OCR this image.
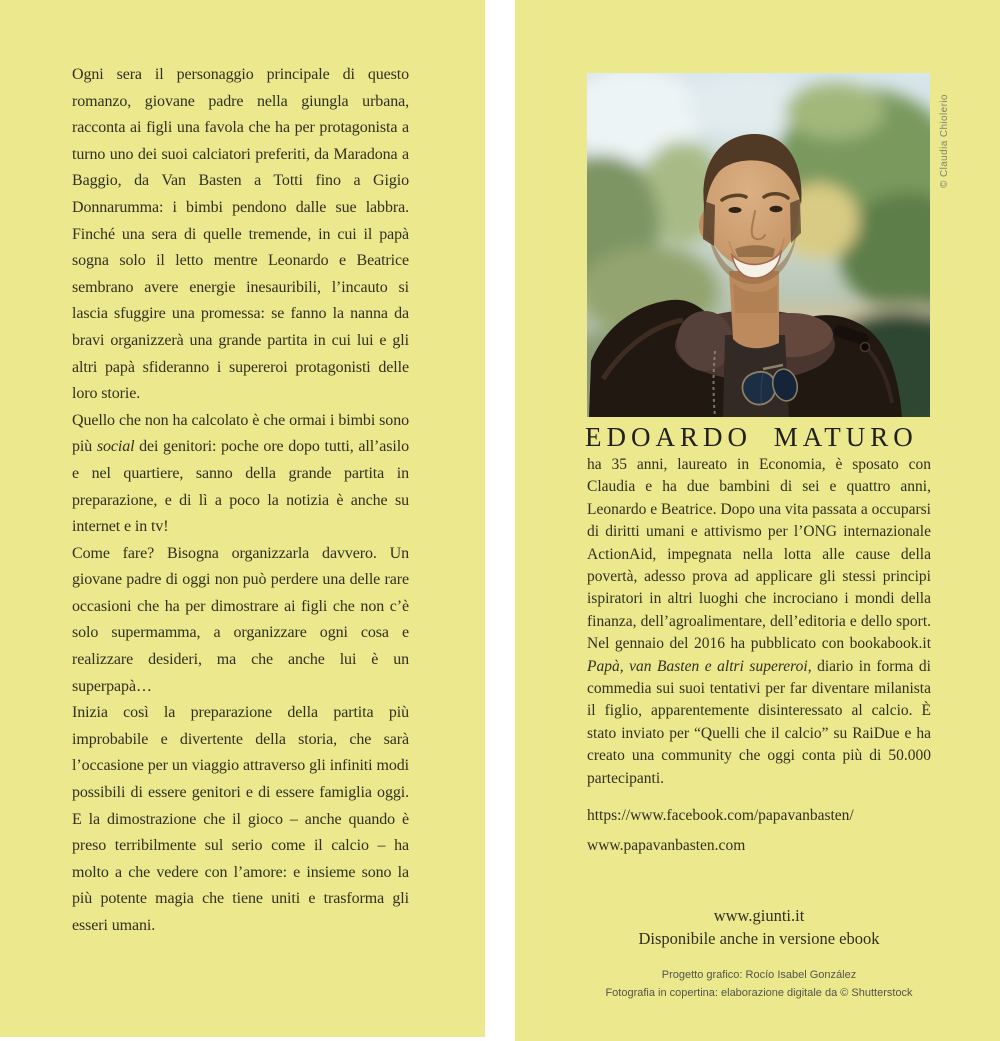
Ogni sera il personaggio principale di questo romanzo, giovane padre nella giungla urbana, racconta ai figli una favola che ha per protagonista a turno uno dei suoi calciatori preferiti, da Maradona a Baggio, da Van Basten a Totti fino a Gigio Donnarumma: i bimbi pendono dalle sue labbra. Finché una sera di quelle tremende, in cui il papà sogna solo il letto mentre Leonardo e Beatrice sembrano avere energie inesauribili, l’incauto si lascia sfuggire una promessa: se fanno la nanna da bravi organizzerà una grande partita in cui lui e gli altri papà sfideranno i supereroi protagonisti delle loro storie.

Quello che non ha calcolato è che ormai i bimbi sono più social dei genitori: poche ore dopo tutti, all’asilo e nel quartiere, sanno della grande partita in preparazione, e di lì a poco la notizia è anche su internet e in tv!

Come fare? Bisogna organizzarla davvero. Un giovane padre di oggi non può perdere una delle rare occasioni che ha per dimostrare ai figli che non c’è solo supermamma, a organizzare ogni cosa e realizzare desideri, ma che anche lui è un superpapà…

Inizia così la preparazione della partita più improbabile e divertente della storia, che sarà l’occasione per un viaggio attraverso gli infiniti modi possibili di essere genitori e di essere famiglia oggi. E la dimostrazione che il gioco – anche quando è preso terribilmente sul serio come il calcio – ha molto a che vedere con l’amore: e insieme sono la più potente magia che tiene uniti e trasforma gli esseri umani.

© Claudia Chiolerio
EDOARDO MATURO

ha 35 anni, laureato in Economia, è sposato con Claudia e ha due bambini di sei e quattro anni, Leonardo e Beatrice. Dopo una vita passata a occuparsi di diritti umani e attivismo per l’ONG internazionale ActionAid, impegnata nella lotta alle cause della povertà, adesso prova ad applicare gli stessi principi ispiratori in altri luoghi che incrociano i mondi della finanza, dell’agroalimentare, dell’editoria e dello sport. Nel gennaio del 2016 ha pubblicato con bookabook.it Papà, van Basten e altri supereroi, diario in forma di commedia sui suoi tentativi per far diventare milanista il figlio, apparentemente disinteressato al calcio. È stato inviato per “Quelli che il calcio” su RaiDue e ha creato una community che oggi conta più di 50.000 partecipanti.

https://www.facebook.com/papavanbasten/
www.papavanbasten.com
www.giunti.it
Disponibile anche in versione ebook
Progetto grafico: Rocío Isabel González
Fotografia in copertina: elaborazione digitale da © Shutterstock
